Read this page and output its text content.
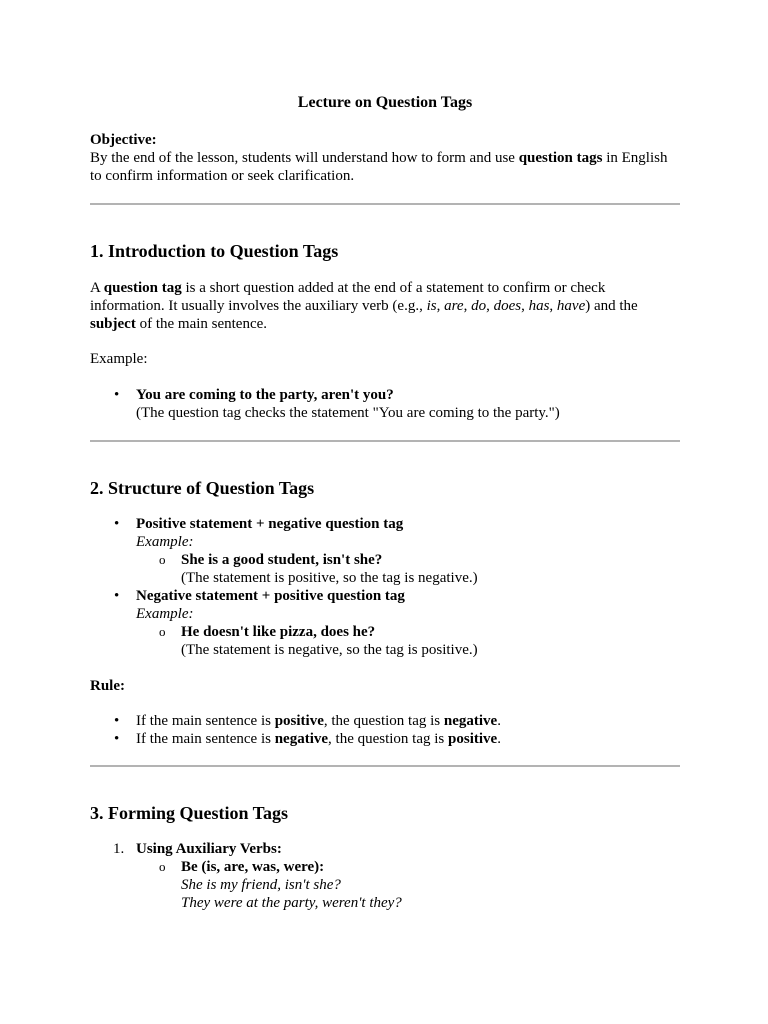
Lecture on Question Tags
Objective:

By the end of the lesson, students will understand how to form and use question tags in English to confirm information or seek clarification.

1. Introduction to Question Tags

A question tag is a short question added at the end of a statement to confirm or check information. It usually involves the auxiliary verb (e.g., is, are, do, does, has, have) and the subject of the main sentence.

Example:

• You are coming to the party, aren't you?
(The question tag checks the statement "You are coming to the party.")
2. Structure of Question Tags
• Positive statement + negative question tag
Example:
o She is a good student, isn't she?
(The statement is positive, so the tag is negative.)
• Negative statement + positive question tag
Example:
o He doesn't like pizza, does he?
(The statement is negative, so the tag is positive.)

Rule:

• If the main sentence is positive, the question tag is negative.
• If the main sentence is negative, the question tag is positive.
3. Forming Question Tags
1. Using Auxiliary Verbs:
o Be (is, are, was, were):
She is my friend, isn't she?
They were at the party, weren't they?
